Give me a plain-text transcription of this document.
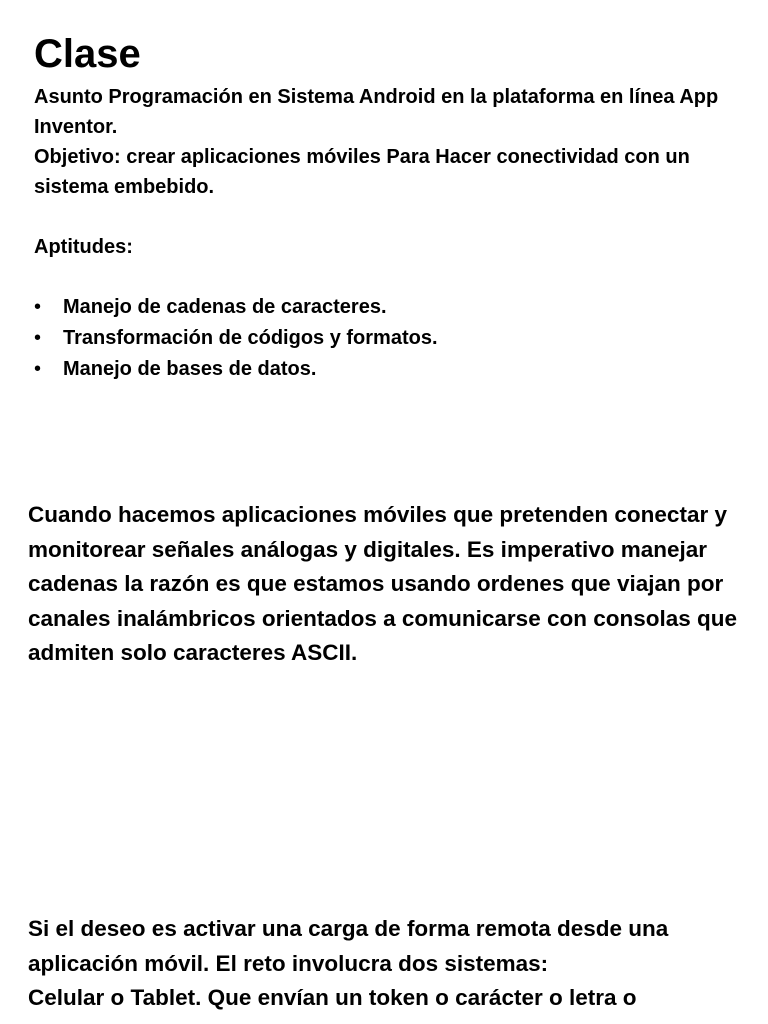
Clase

Asunto Programación en Sistema Android en la plataforma en línea App Inventor.

Objetivo: crear aplicaciones móviles Para Hacer conectividad con un sistema embebido.

Aptitudes:

•	Manejo de cadenas de caracteres.
•	Transformación de códigos y formatos.
•	Manejo de bases de datos.

Cuando hacemos aplicaciones móviles que pretenden conectar y monitorear señales análogas y digitales. Es imperativo manejar cadenas la razón es que estamos usando ordenes que viajan por canales inalámbricos orientados a comunicarse con consolas que admiten solo caracteres ASCII.

Si el deseo es activar una carga de forma remota desde una aplicación móvil. El reto involucra dos sistemas:
Celular o Tablet. Que envían un token o carácter o letra o
